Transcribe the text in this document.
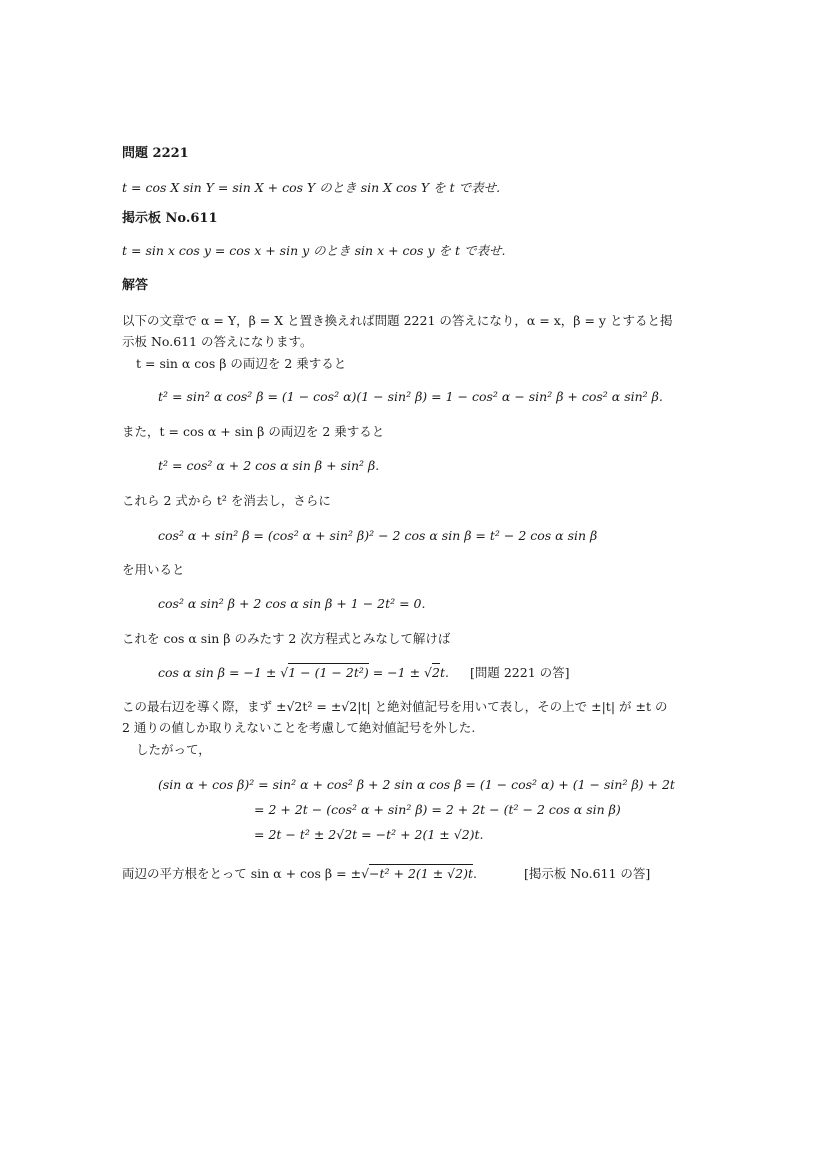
問題 2221
t = cos X sin Y = sin X + cos Y のとき sin X cos Y を t で表せ.
掲示板 No.611
t = sin x cos y = cos x + sin y のとき sin x + cos y を t で表せ.
解答
以下の文章で α = Y，β = X と置き換えれば問題 2221 の答えになり，α = x，β = y とすると掲
示板 No.611 の答えになります。
t = sin α cos β の両辺を 2 乗すると
t² = sin² α cos² β = (1 − cos² α)(1 − sin² β) = 1 − cos² α − sin² β + cos² α sin² β.
また，t = cos α + sin β の両辺を 2 乗すると
t² = cos² α + 2 cos α sin β + sin² β.
これら 2 式から t² を消去し，さらに
cos² α + sin² β = (cos² α + sin² β)² − 2 cos α sin β = t² − 2 cos α sin β
を用いると
cos² α sin² β + 2 cos α sin β + 1 − 2t² = 0.
これを cos α sin β のみたす 2 次方程式とみなして解けば
cos α sin β = −1 ± √1 − (1 − 2t²) = −1 ± √2t. [問題 2221 の答]
この最右辺を導く際，まず ±√2t² = ±√2|t| と絶対値記号を用いて表し，その上で ±|t| が ±t の
2 通りの値しか取りえないことを考慮して絶対値記号を外した.
したがって，
(sin α + cos β)² = sin² α + cos² β + 2 sin α cos β = (1 − cos² α) + (1 − sin² β) + 2t
= 2 + 2t − (cos² α + sin² β) = 2 + 2t − (t² − 2 cos α sin β)
= 2t − t² ± 2√2t = −t² + 2(1 ± √2)t.
両辺の平方根をとって sin α + cos β = ±√−t² + 2(1 ± √2)t.	[掲示板 No.611 の答]
